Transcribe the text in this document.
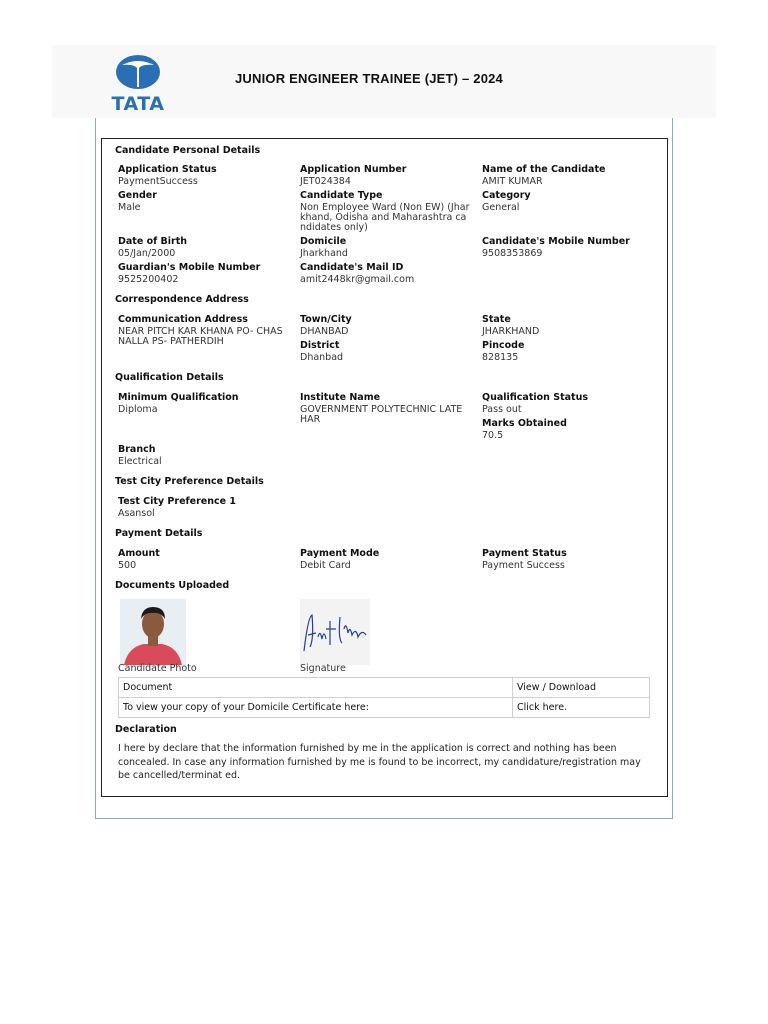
TATA
JUNIOR ENGINEER TRAINEE (JET) – 2024
Candidate Personal Details
Application Status
PaymentSuccess
Application Number
JET024384
Name of the Candidate
AMIT KUMAR
Gender
Male
Candidate Type
Non Employee Ward (Non EW) (Jhar
khand, Odisha and Maharashtra ca
ndidates only)
Category
General
Date of Birth
05/Jan/2000
Domicile
Jharkhand
Candidate's Mobile Number
9508353869
Guardian's Mobile Number
9525200402
Candidate's Mail ID
amit2448kr@gmail.com
Correspondence Address
Communication Address
NEAR PITCH KAR KHANA PO- CHAS
NALLA PS- PATHERDIH
Town/City
DHANBAD
State
JHARKHAND
District
Dhanbad
Pincode
828135
Qualification Details
Minimum Qualification
Diploma
Institute Name
GOVERNMENT POLYTECHNIC LATE
HAR
Qualification Status
Pass out
Marks Obtained
70.5
Branch
Electrical
Test City Preference Details
Test City Preference 1
Asansol
Payment Details
Amount
500
Payment Mode
Debit Card
Payment Status
Payment Success
Documents Uploaded
Candidate Photo	Signature
Document	View / Download
To view your copy of your Domicile Certificate here:	Click here.
Declaration
I here by declare that the information furnished by me in the application is correct and nothing has been concealed. In case any information furnished by me is found to be incorrect, my candidature/registration may be cancelled/terminat ed.
